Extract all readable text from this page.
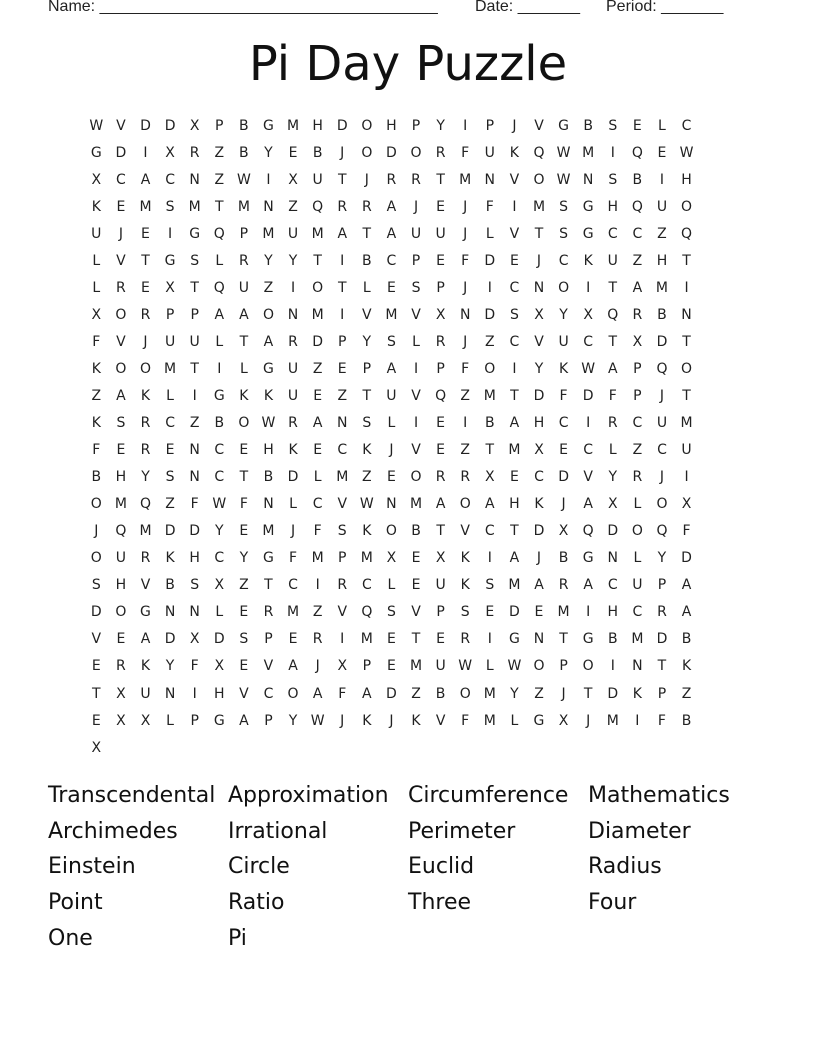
Name: ______________________________________ Date: _______ Period: _______
Pi Day Puzzle
W V	D D	X	P	B	G M H D O H	P	Y	I	P	J	V	G	B	S	E	L	C
G D	I	X	R	Z	B	Y	E	B	J	O D O	R	F	U	K	Q W M	I	Q	E W
X	C	A	C	N	Z W	I	X	U	T	J	R	R	T	M N	V	O W N	S	B	I	H
K	E	M	S	M	T	M N	Z	Q	R	R	A	J	E	J	F	I	M	S	G H Q U O
U	J	E	I	G Q	P	M U M A	T	A	U	U	J	L	V	T	S	G	C	C	Z	Q
L	V	T	G	S	L	R	Y	Y	T	I	B	C	P	E	F	D	E	J	C	K	U	Z	H	T
L	R	E	X	T	Q U	Z	I	O	T	L	E	S	P	J	I	C	N O	I	T	A M	I
X	O	R	P	P	A	A	O N M	I	V M V	X	N D	S	X	Y	X	Q	R	B	N
F	V	J	U	U	L	T	A	R	D	P	Y	S	L	R	J	Z	C	V	U	C	T	X	D	T
K	O O M	T	I	L	G	U	Z	E	P	A	I	P	F	O	I	Y	K W A	P	Q O
Z	A	K	L	I	G	K	K	U	E	Z	T	U	V	Q	Z M	T	D	F	D	F	P	J	T
K	S	R	C	Z	B	O W R	A	N	S	L	I	E	I	B	A	H	C	I	R	C	U M
F	E	R	E	N	C	E	H	K	E	C	K	J	V	E	Z	T	M X	E	C	L	Z	C	U
B	H	Y	S	N	C	T	B	D	L	M Z	E	O	R	R	X	E	C	D	V	Y	R	J	I
O M Q	Z	F W F	N	L	C	V W N M A	O	A	H	K	J	A	X	L	O	X
J	Q M D D	Y	E	M	J	F	S	K	O	B	T	V	C	T	D	X	Q D O Q	F
O U	R	K	H	C	Y	G	F	M	P	M X	E	X	K	I	A	J	B	G N	L	Y	D
S	H	V	B	S	X	Z	T	C	I	R	C	L	E	U	K	S	M A	R	A	C	U	P	A
D O G N	N	L	E	R M Z	V	Q	S	V	P	S	E	D	E	M	I	H	C	R	A
V	E	A	D	X	D	S	P	E	R	I	M	E	T	E	R	I	G N	T	G	B M D	B
E	R	K	Y	F	X	E	V	A	J	X	P	E	M U W L W O	P	O	I	N	T	K
T	X	U	N	I	H	V	C	O	A	F	A	D	Z	B	O M	Y	Z	J	T	D	K	P	Z
E	X	X	L	P	G	A	P	Y W	J	K	J	K	V	F	M	L	G	X	J	M	I	F	B
X
Transcendental Approximation Circumference Mathematics
Archimedes	Irrational	Perimeter	Diameter
Einstein	Circle	Euclid	Radius
Point	Ratio	Three	Four
One	Pi
